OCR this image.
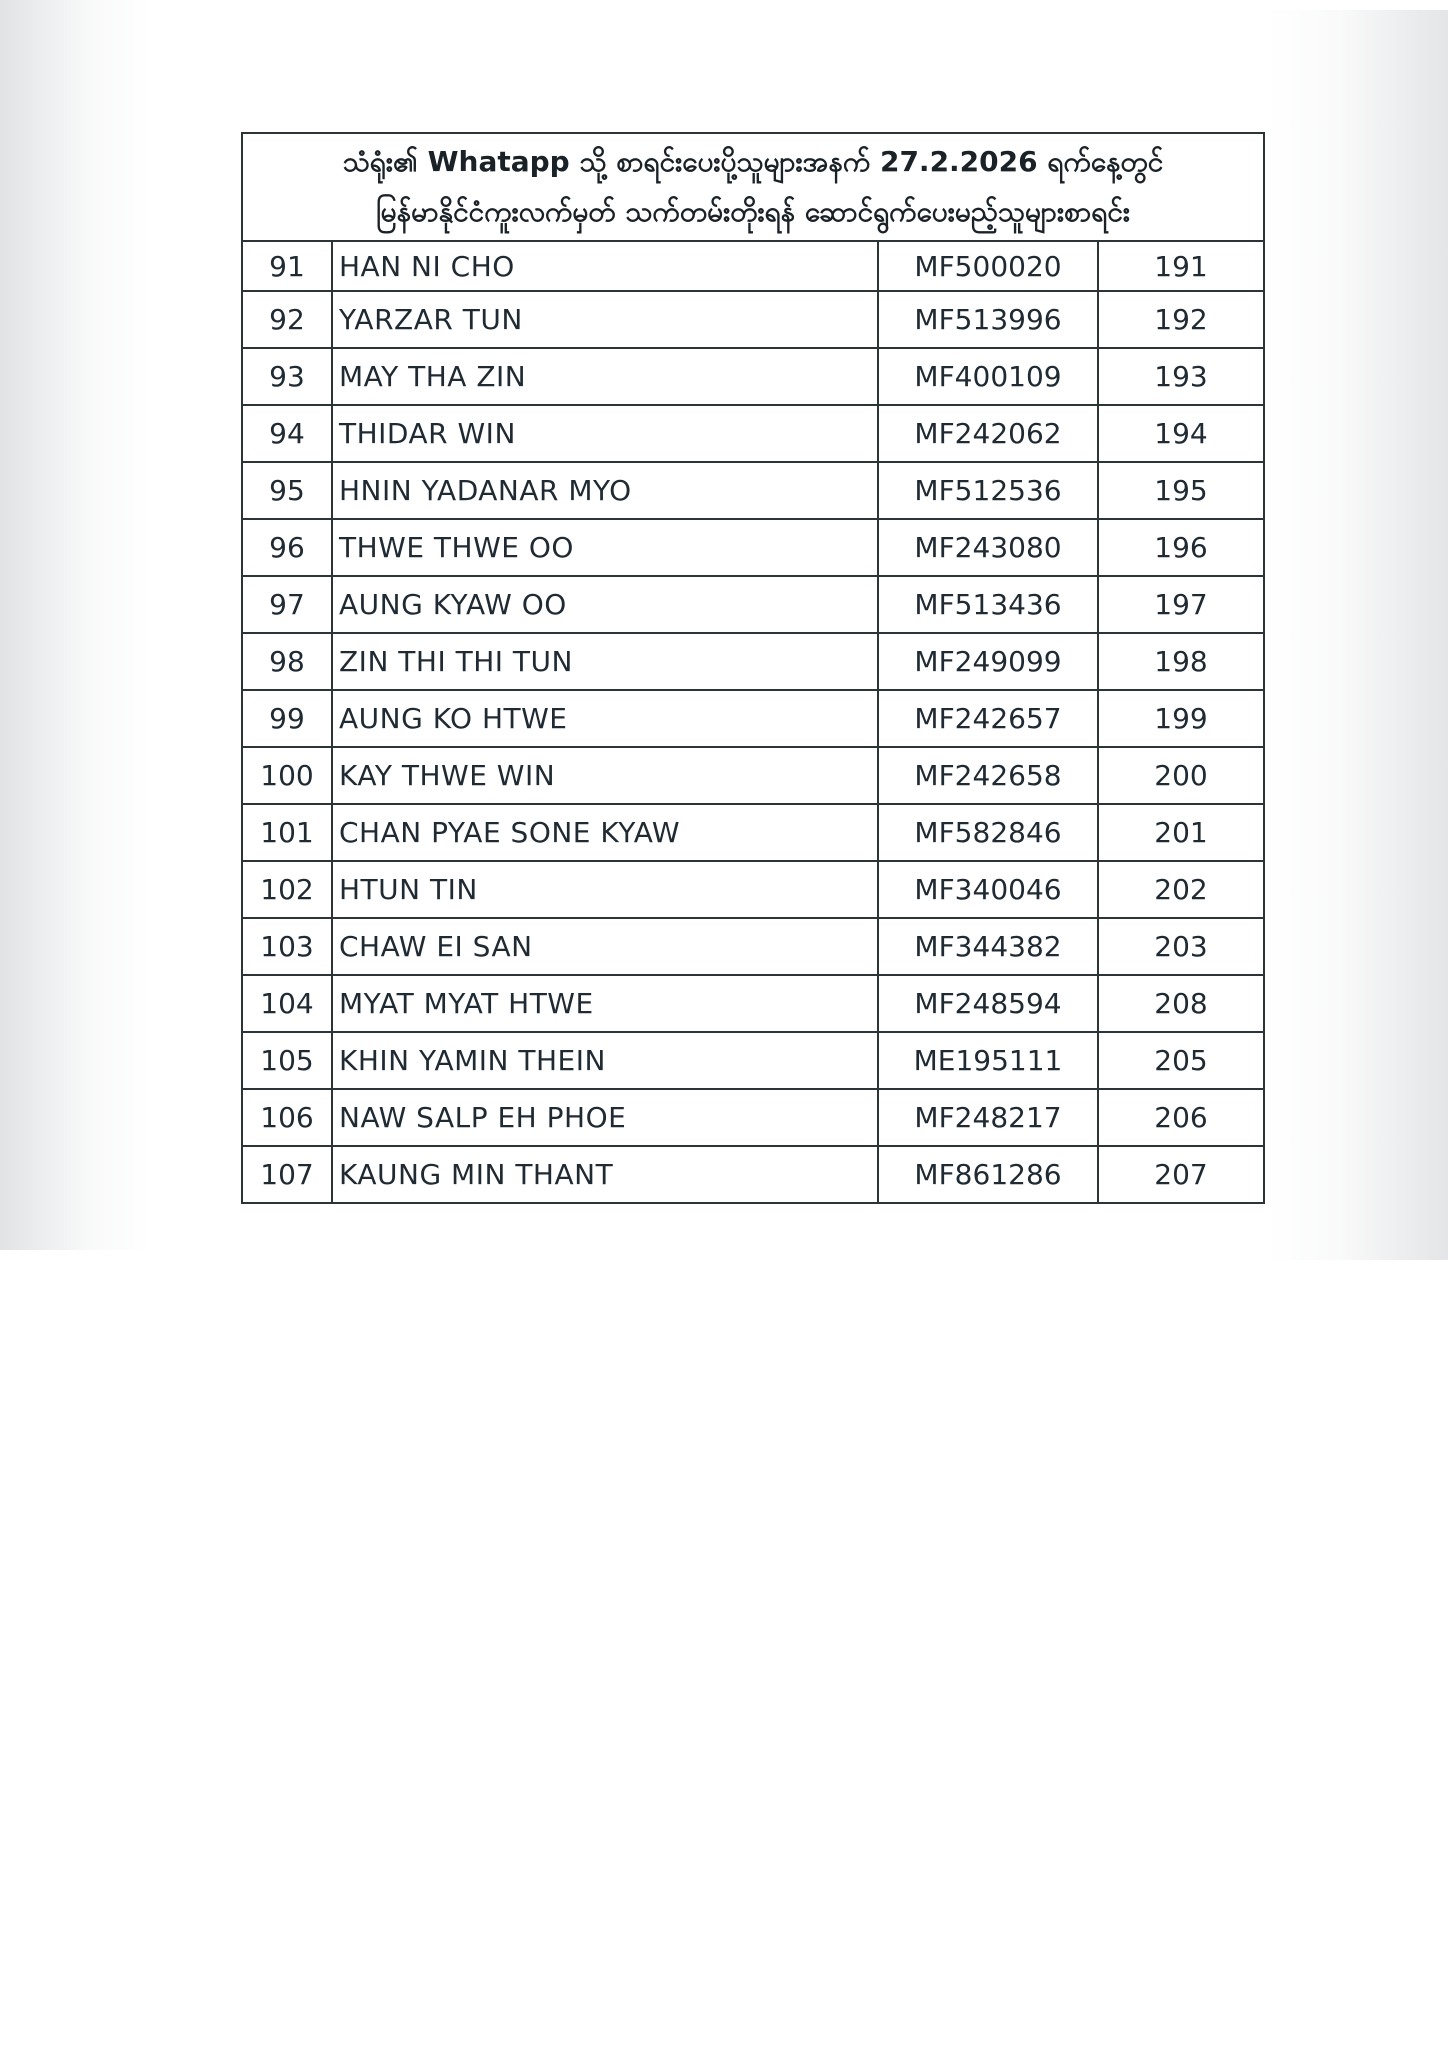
သံရုံး၏ Whatapp သို့ စာရင်းပေးပို့သူများအနက် 27.2.2026 ရက်နေ့တွင်
မြန်မာနိုင်ငံကူးလက်မှတ် သက်တမ်းတိုးရန် ဆောင်ရွက်ပေးမည့်သူများစာရင်း			

91	HAN NI CHO	MF500020	191
92	YARZAR TUN	MF513996	192
93	MAY THA ZIN	MF400109	193
94	THIDAR WIN	MF242062	194
95	HNIN YADANAR MYO	MF512536	195
96	THWE THWE OO	MF243080	196
97	AUNG KYAW OO	MF513436	197
98	ZIN THI THI TUN	MF249099	198
99	AUNG KO HTWE	MF242657	199
100	KAY THWE WIN	MF242658	200
101	CHAN PYAE SONE KYAW	MF582846	201
102	HTUN TIN	MF340046	202
103	CHAW EI SAN	MF344382	203
104	MYAT MYAT HTWE	MF248594	208
105	KHIN YAMIN THEIN	ME195111	205
106	NAW SALP EH PHOE	MF248217	206
107	KAUNG MIN THANT	MF861286	207
